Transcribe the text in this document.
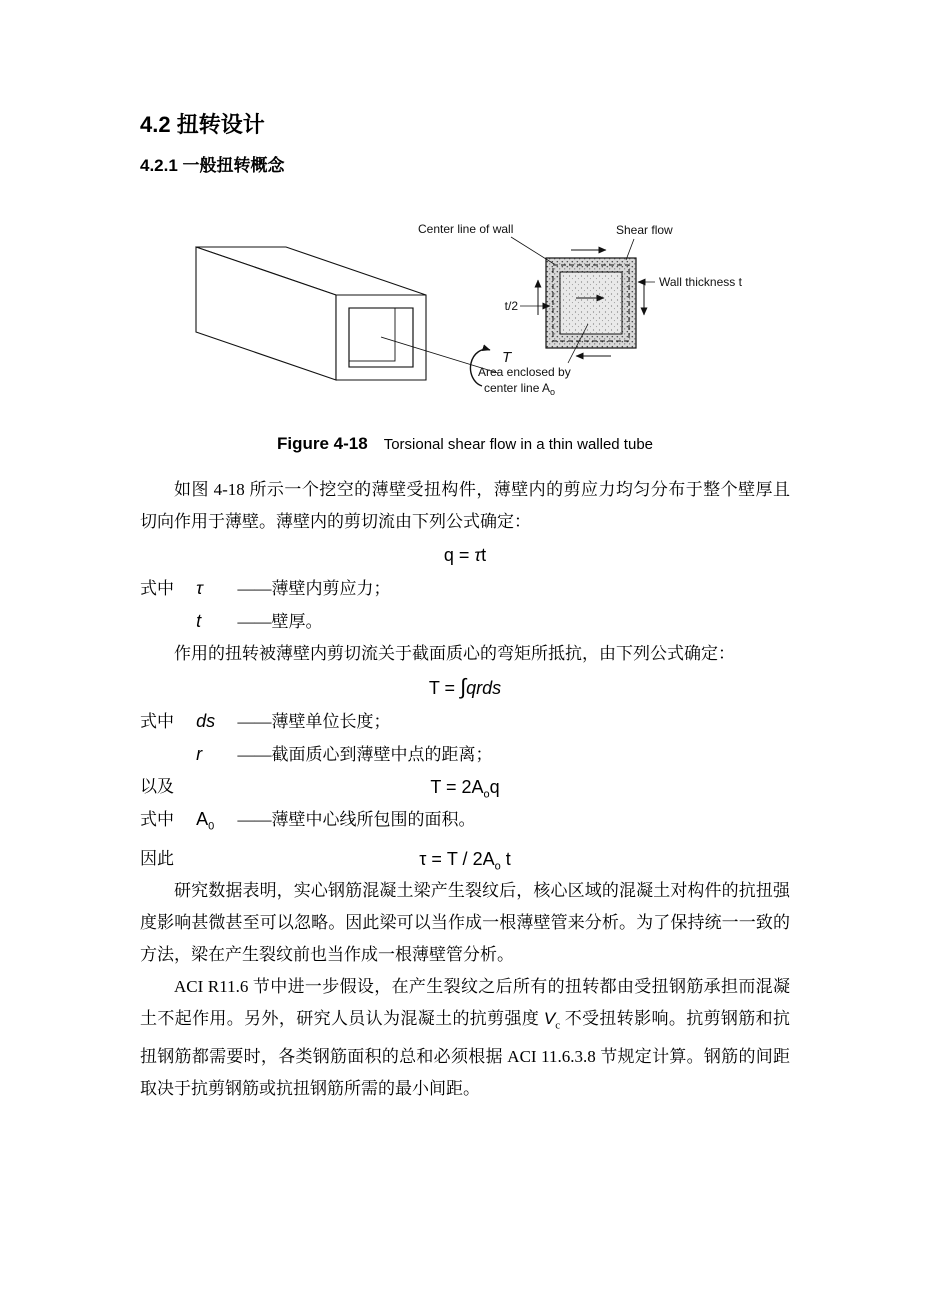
4.2 扭转设计
4.2.1 一般扭转概念
T
Center line of wall	Shear flow
Wall thickness t
t/2
Area enclosed by
center line $A_o$
Figure 4-18 Torsional shear flow in a thin walled tube

如图 4-18 所示一个挖空的薄壁受扭构件，薄壁内的剪应力均匀分布于整个壁厚且切向作用于薄壁。薄壁内的剪切流由下列公式确定：

q = τt
式中 τ ——薄壁内剪应力；
t ——壁厚。

作用的扭转被薄壁内剪切流关于截面质心的弯矩所抵抗，由下列公式确定：

T = ∫qrds
式中 ds ——薄壁单位长度；
r ——截面质心到薄壁中点的距离；
以及	$T = 2A_oq$
式中 $A_0$ ——薄壁中心线所包围的面积。
因此	$\tau = T / 2A_o$ t

研究数据表明，实心钢筋混凝土梁产生裂纹后，核心区域的混凝土对构件的抗扭强度影响甚微甚至可以忽略。因此梁可以当作成一根薄壁管来分析。为了保持统一一致的方法，梁在产生裂纹前也当作成一根薄壁管分析。

ACI R11.6 节中进一步假设，在产生裂纹之后所有的扭转都由受扭钢筋承担而混凝土不起作用。另外，研究人员认为混凝土的抗剪强度 $V_c$ 不受扭转影响。抗剪钢筋和抗扭钢筋都需要时，各类钢筋面积的总和必须根据 ACI 11.6.3.8 节规定计算。钢筋的间距取决于抗剪钢筋或抗扭钢筋所需的最小间距。
